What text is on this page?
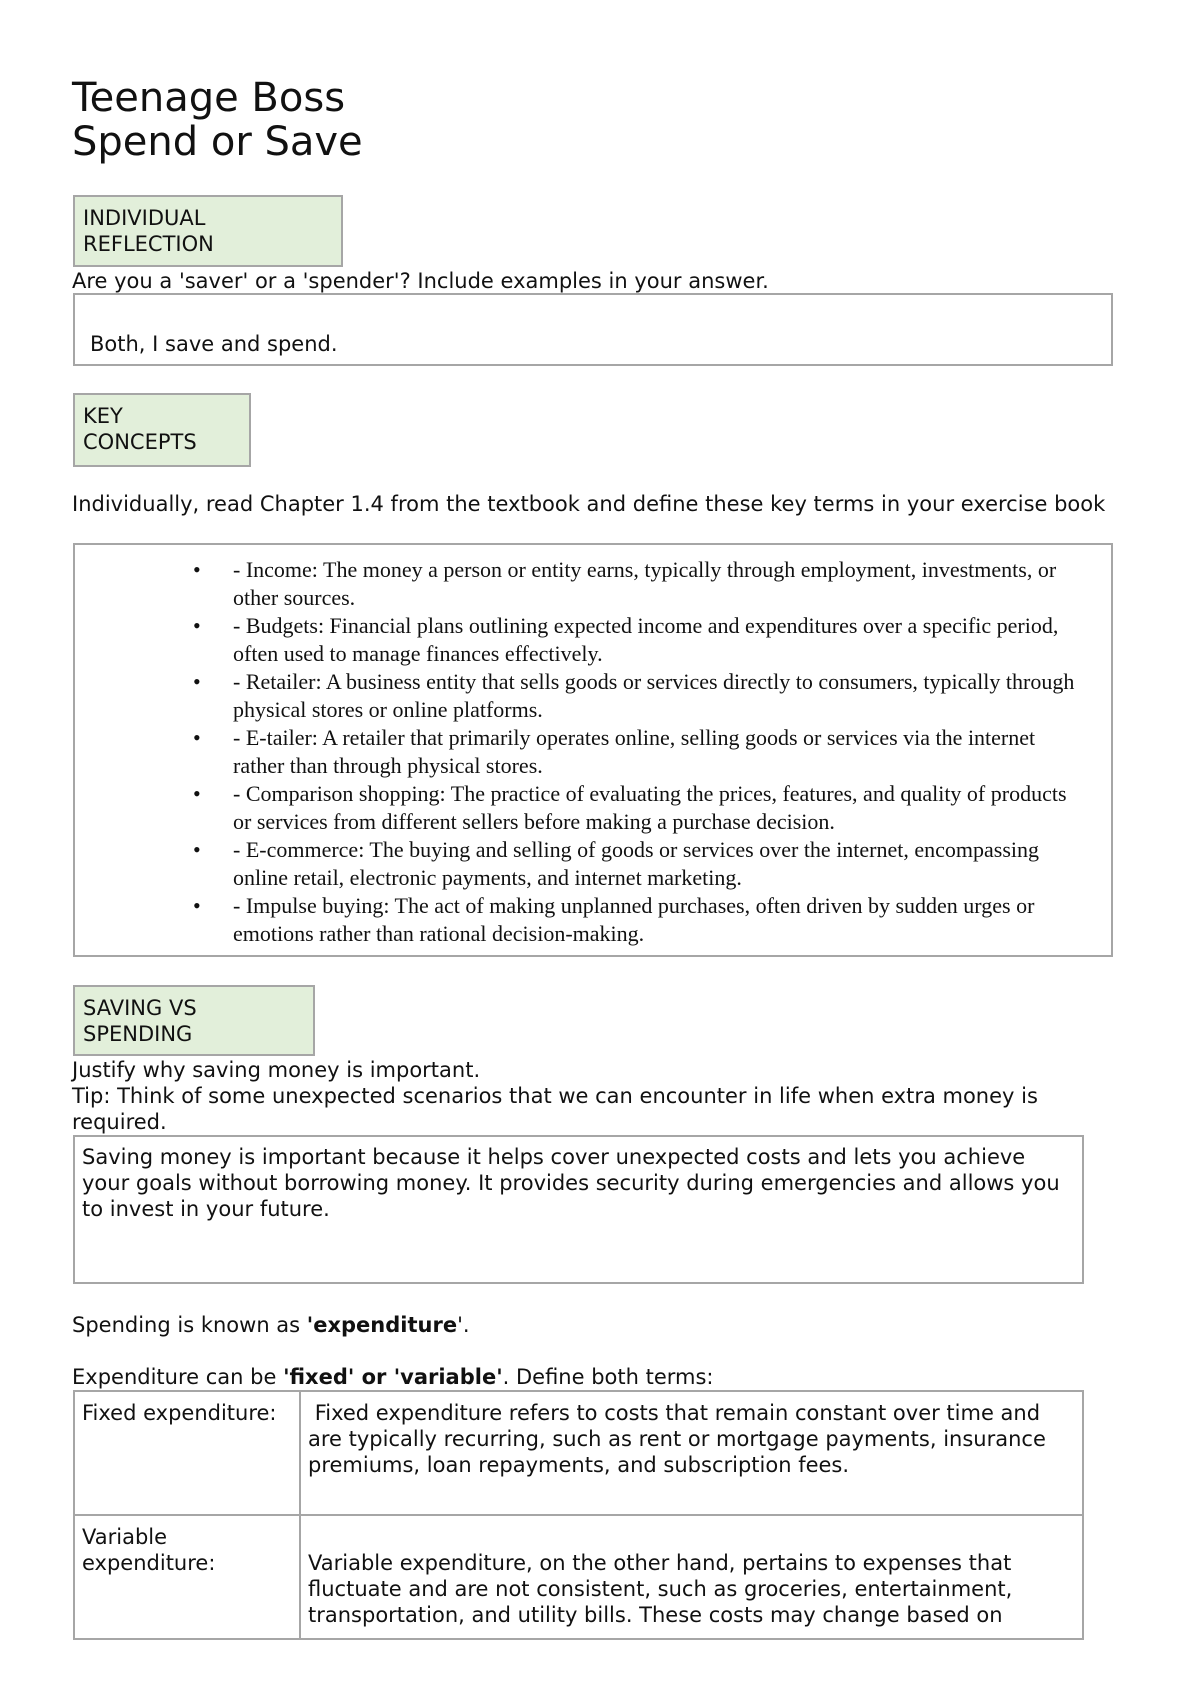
Teenage Boss
Spend or Save
INDIVIDUAL
REFLECTION

Are you a 'saver' or a 'spender'? Include examples in your answer.

Both, I save and spend.
KEY
CONCEPTS

Individually, read Chapter 1.4 from the textbook and define these key terms in your exercise book

• - Income: The money a person or entity earns, typically through employment, investments, or other sources.
• - Budgets: Financial plans outlining expected income and expenditures over a specific period, often used to manage finances effectively.
• - Retailer: A business entity that sells goods or services directly to consumers, typically through physical stores or online platforms.
• - E-tailer: A retailer that primarily operates online, selling goods or services via the internet rather than through physical stores.
• - Comparison shopping: The practice of evaluating the prices, features, and quality of products or services from different sellers before making a purchase decision.
• - E-commerce: The buying and selling of goods or services over the internet, encompassing online retail, electronic payments, and internet marketing.
• - Impulse buying: The act of making unplanned purchases, often driven by sudden urges or emotions rather than rational decision-making.
SAVING VS
SPENDING

Justify why saving money is important.
Tip: Think of some unexpected scenarios that we can encounter in life when extra money is required.

Saving money is important because it helps cover unexpected costs and lets you achieve your goals without borrowing money. It provides security during emergencies and allows you to invest in your future.

Spending is known as 'expenditure'.

Expenditure can be 'fixed' or 'variable'. Define both terms:

Fixed expenditure:	Fixed expenditure refers to costs that remain constant over time and are typically recurring, such as rent or mortgage payments, insurance premiums, loan repayments, and subscription fees.
Variable expenditure:	Variable expenditure, on the other hand, pertains to expenses that fluctuate and are not consistent, such as groceries, entertainment, transportation, and utility bills. These costs may change based on
